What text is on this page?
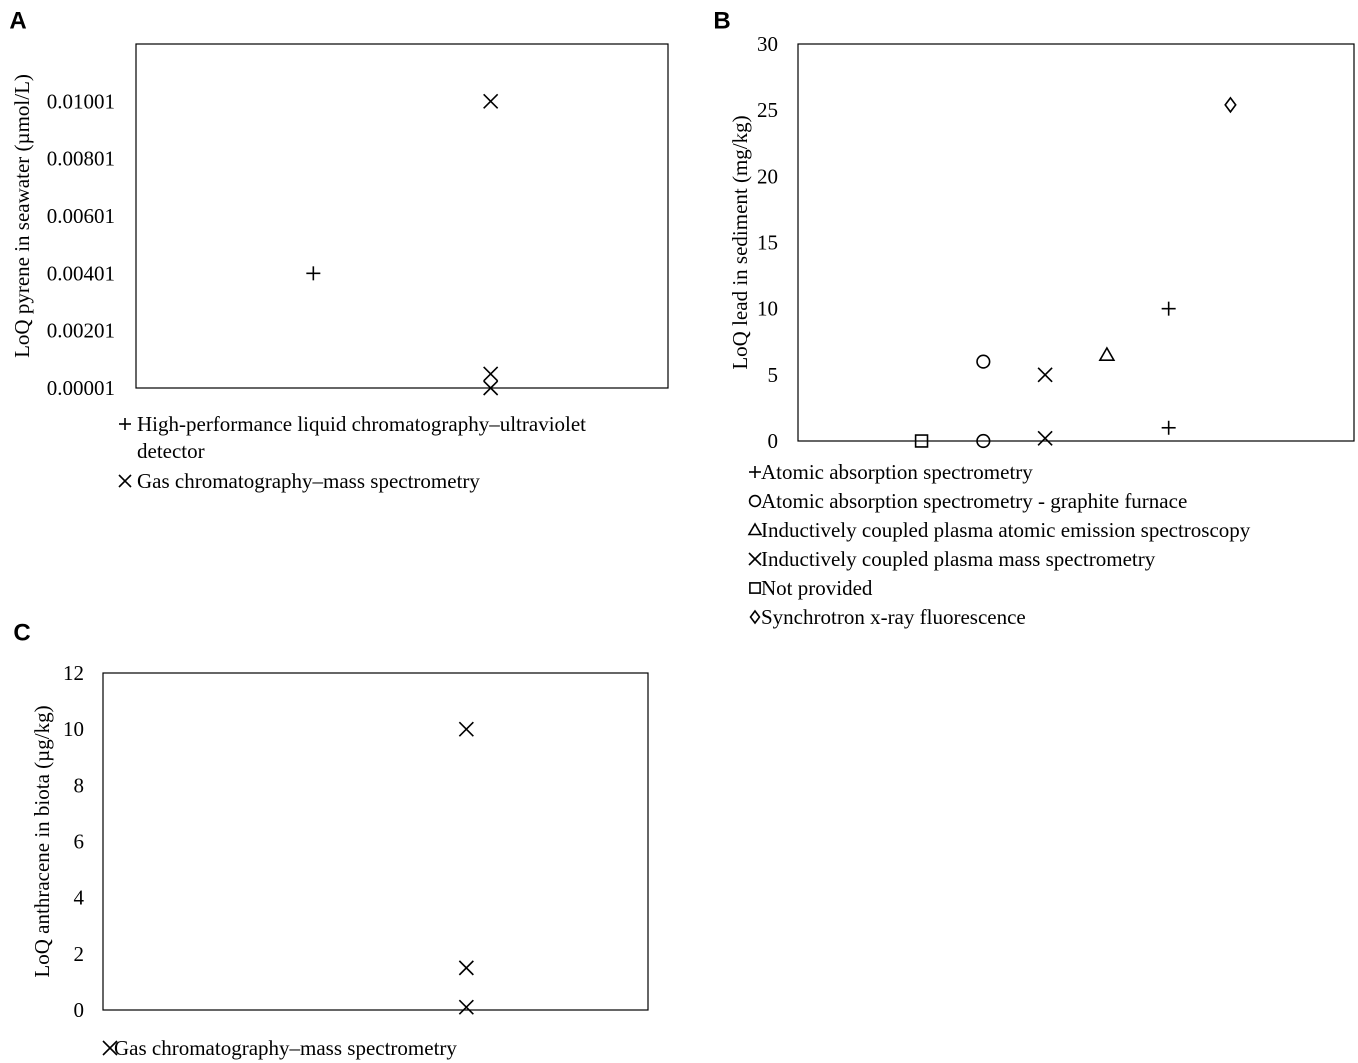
A
0.00001
0.00201
0.00401
0.00601
0.00801
0.01001
LoQ pyrene in seawater (µmol/L)
High-performance liquid chromatography–ultraviolet
detector
Gas chromatography–mass spectrometry
B
0
5
10
15
20
25
30
LoQ lead in sediment (mg/kg)
Atomic absorption spectrometry
Atomic absorption spectrometry - graphite furnace
Inductively coupled plasma atomic emission spectroscopy
Inductively coupled plasma mass spectrometry
Not provided
Synchrotron x-ray fluorescence
C
0
2
4
6
8
10
12
LoQ anthracene in biota (µg/kg)
Gas chromatography–mass spectrometry
